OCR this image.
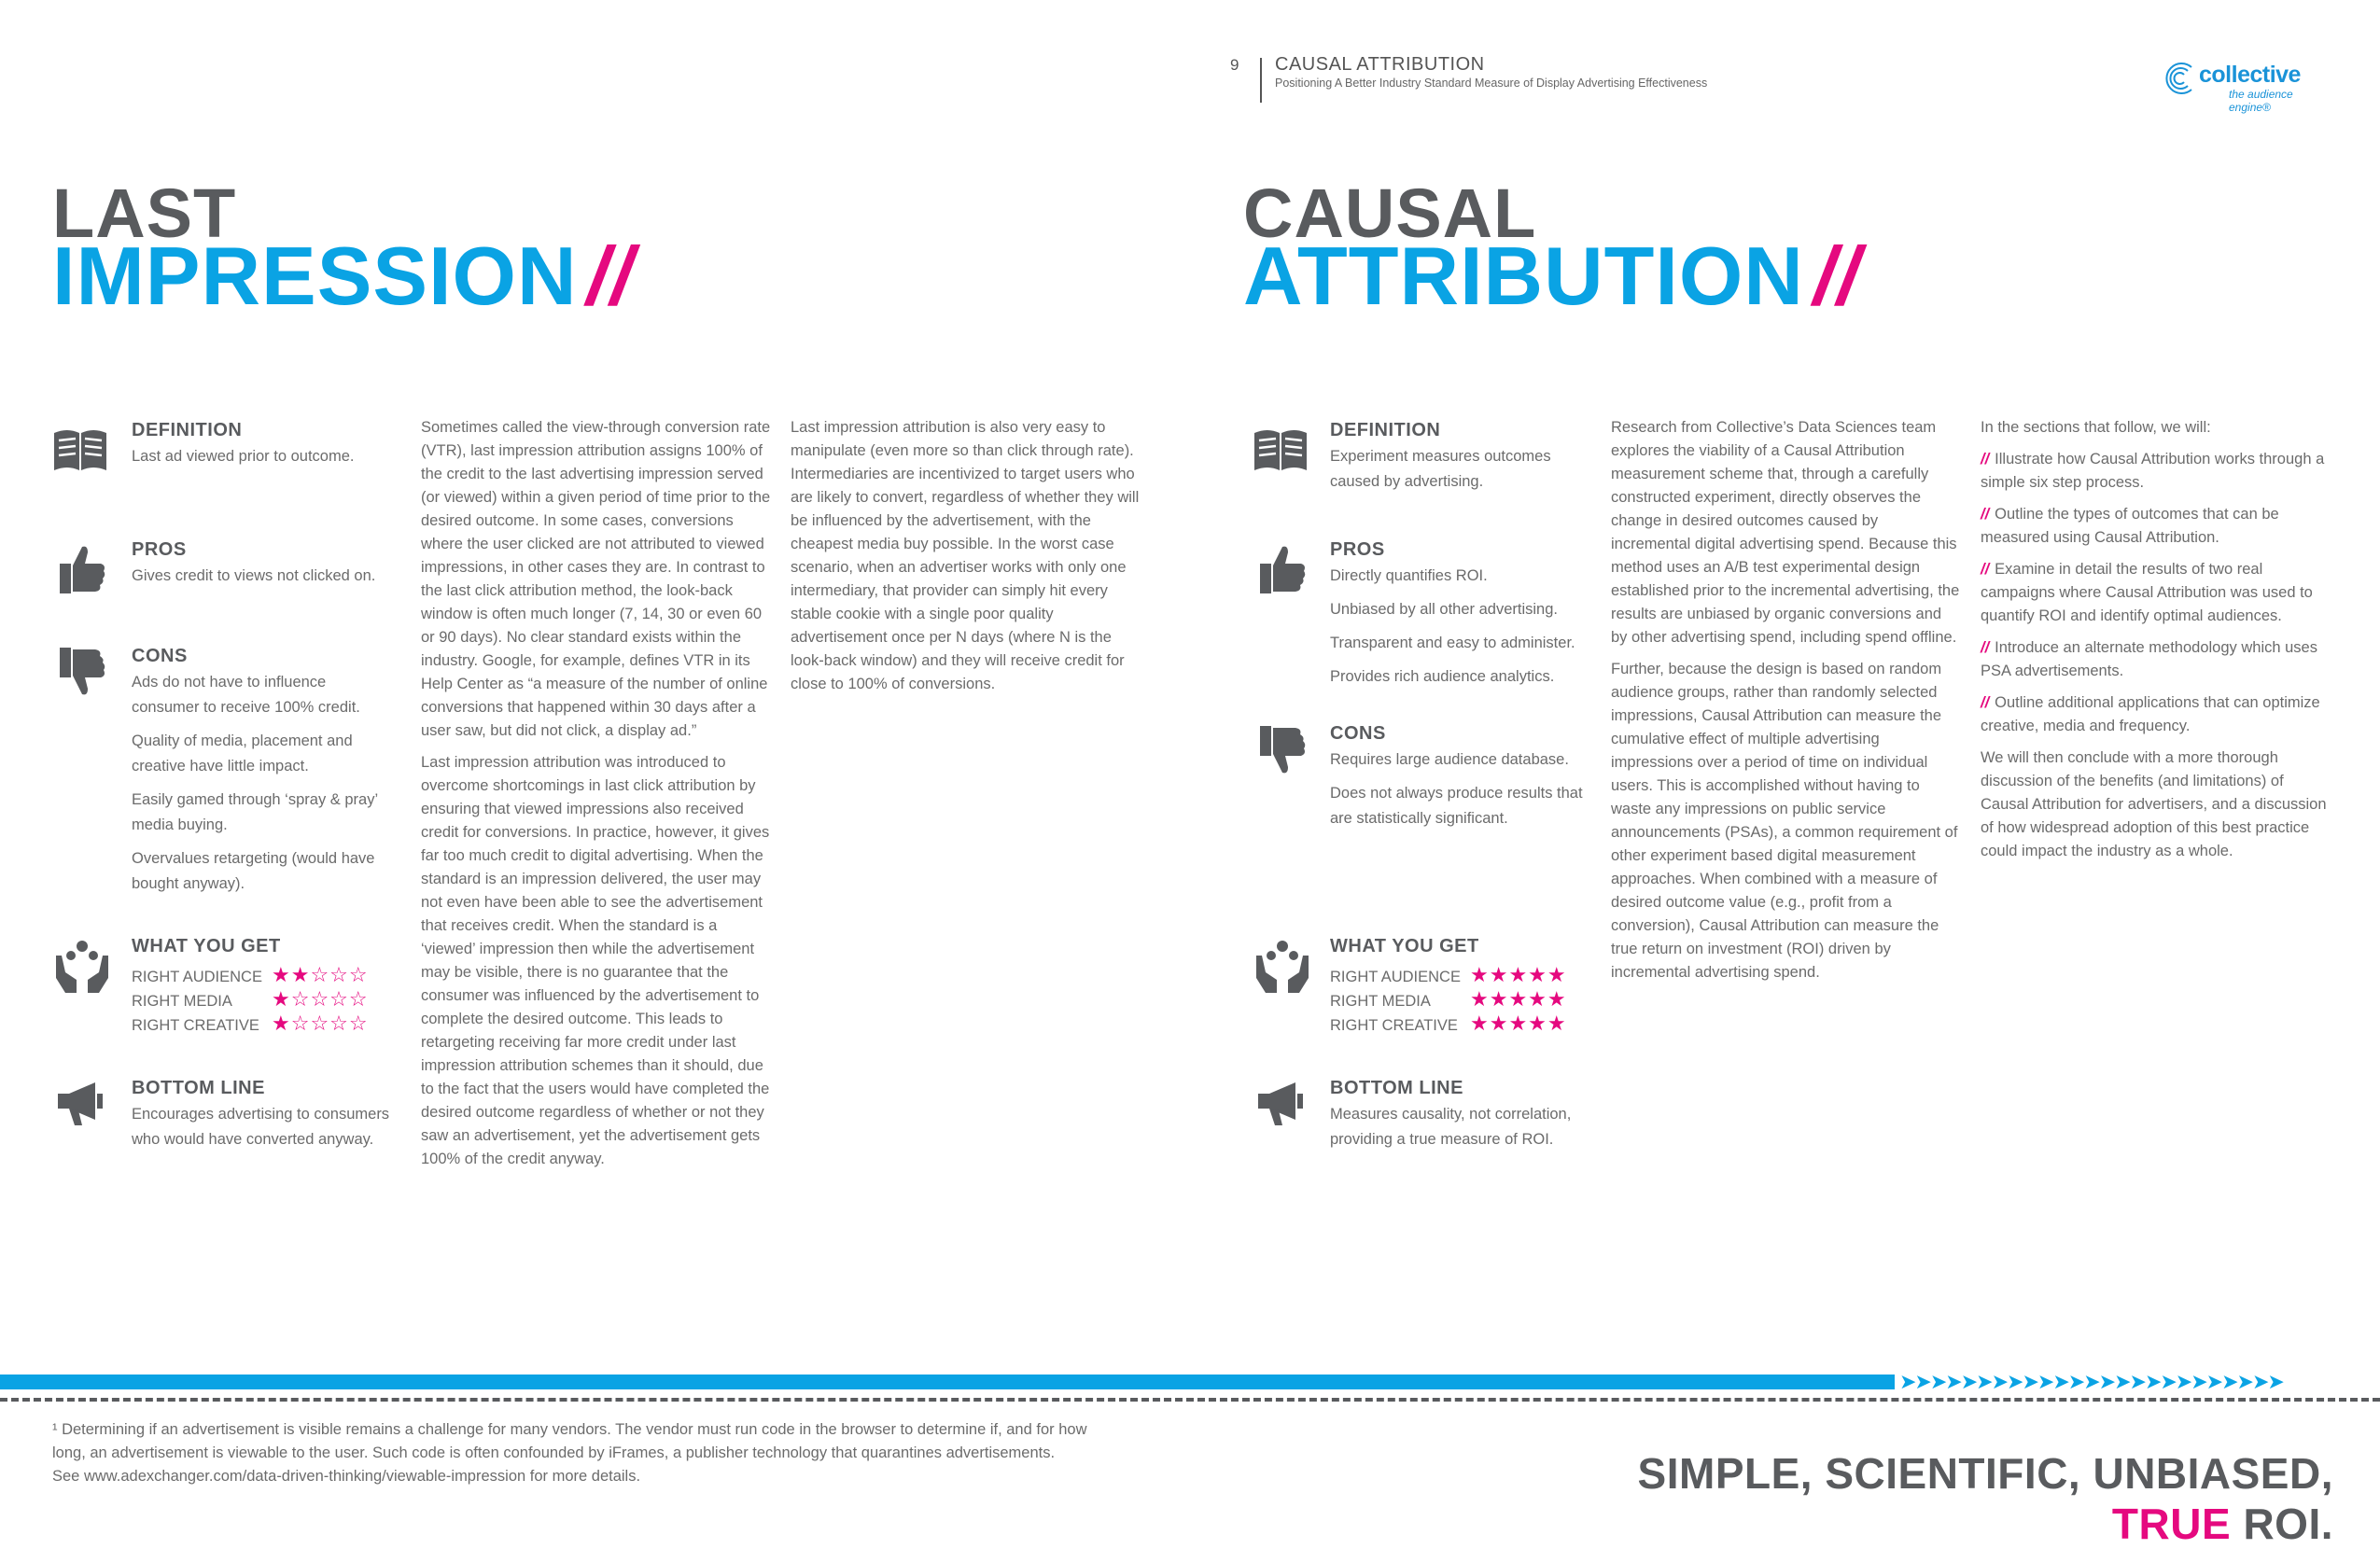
9 CAUSAL ATTRIBUTION
Positioning A Better Industry Standard Measure of Display Advertising Effectiveness	collective
the audience engine®
LAST
IMPRESSION //
CAUSAL
ATTRIBUTION //
DEFINITION

Last ad viewed prior to outcome.

PROS

Gives credit to views not clicked on.

CONS

Ads do not have to influence consumer to receive 100% credit.

Quality of media, placement and creative have little impact.

Easily gamed through ‘spray & pray’ media buying.

Overvalues retargeting (would have bought anyway).

WHAT YOU GET
RIGHT AUDIENCE ★★☆☆☆
RIGHT MEDIA ★☆☆☆☆
RIGHT CREATIVE ★☆☆☆☆
BOTTOM LINE

Encourages advertising to consumers who would have converted anyway.

Sometimes called the view-through conversion rate (VTR), last impression attribution assigns 100% of the credit to the last advertising impression served (or viewed) within a given period of time prior to the desired outcome. In some cases, conversions where the user clicked are not attributed to viewed impressions, in other cases they are. In contrast to the last click attribution method, the look-back window is often much longer (7, 14, 30 or even 60 or 90 days). No clear standard exists within the industry. Google, for example, defines VTR in its Help Center as “a measure of the number of online conversions that happened within 30 days after a user saw, but did not click, a display ad.”

Last impression attribution was introduced to overcome shortcomings in last click attribution by ensuring that viewed impressions also received credit for conversions. In practice, however, it gives far too much credit to digital advertising. When the standard is an impression delivered, the user may not even have been able to see the advertisement that receives credit. When the standard is a ‘viewed’ impression then while the advertisement may be visible, there is no guarantee that the consumer was influenced by the advertisement to complete the desired outcome. This leads to retargeting receiving far more credit under last impression attribution schemes than it should, due to the fact that the users would have completed the desired outcome regardless of whether or not they saw an advertisement, yet the advertisement gets 100% of the credit anyway.

Last impression attribution is also very easy to manipulate (even more so than click through rate). Intermediaries are incentivized to target users who are likely to convert, regardless of whether they will be influenced by the advertisement, with the cheapest media buy possible. In the worst case scenario, when an advertiser works with only one intermediary, that provider can simply hit every stable cookie with a single poor quality advertisement once per N days (where N is the look-back window) and they will receive credit for close to 100% of conversions.

DEFINITION

Experiment measures outcomes caused by advertising.

PROS

Directly quantifies ROI.

Unbiased by all other advertising.

Transparent and easy to administer.

Provides rich audience analytics.

CONS

Requires large audience database.

Does not always produce results that are statistically significant.

WHAT YOU GET
RIGHT AUDIENCE ★★★★★
RIGHT MEDIA ★★★★★
RIGHT CREATIVE ★★★★★
BOTTOM LINE

Measures causality, not correlation, providing a true measure of ROI.

Research from Collective’s Data Sciences team explores the viability of a Causal Attribution measurement scheme that, through a carefully constructed experiment, directly observes the change in desired outcomes caused by incremental digital advertising spend. Because this method uses an A/B test experimental design established prior to the incremental advertising, the results are unbiased by organic conversions and by other advertising spend, including spend offline.

Further, because the design is based on random audience groups, rather than randomly selected impressions, Causal Attribution can measure the cumulative effect of multiple advertising impressions over a period of time on individual users. This is accomplished without having to waste any impressions on public service announcements (PSAs), a common requirement of other experiment based digital measurement approaches. When combined with a measure of desired outcome value (e.g., profit from a conversion), Causal Attribution can measure the true return on investment (ROI) driven by incremental advertising spend.

In the sections that follow, we will:

// Illustrate how Causal Attribution works through a simple six step process.

// Outline the types of outcomes that can be measured using Causal Attribution.

// Examine in detail the results of two real campaigns where Causal Attribution was used to quantify ROI and identify optimal audiences.

// Introduce an alternate methodology which uses PSA advertisements.

// Outline additional applications that can optimize creative, media and frequency.

We will then conclude with a more thorough discussion of the benefits (and limitations) of Causal Attribution for advertisers, and a discussion of how widespread adoption of this best practice could impact the industry as a whole.

➤➤➤➤➤➤➤➤➤➤➤➤➤➤➤➤➤➤➤➤➤➤➤➤➤

¹ Determining if an advertisement is visible remains a challenge for many vendors. The vendor must run code in the browser to determine if, and for how

long, an advertisement is viewable to the user. Such code is often confounded by iFrames, a publisher technology that quarantines advertisements.

See www.adexchanger.com/data-driven-thinking/viewable-impression for more details.	SIMPLE, SCIENTIFIC, UNBIASED, TRUE ROI.
